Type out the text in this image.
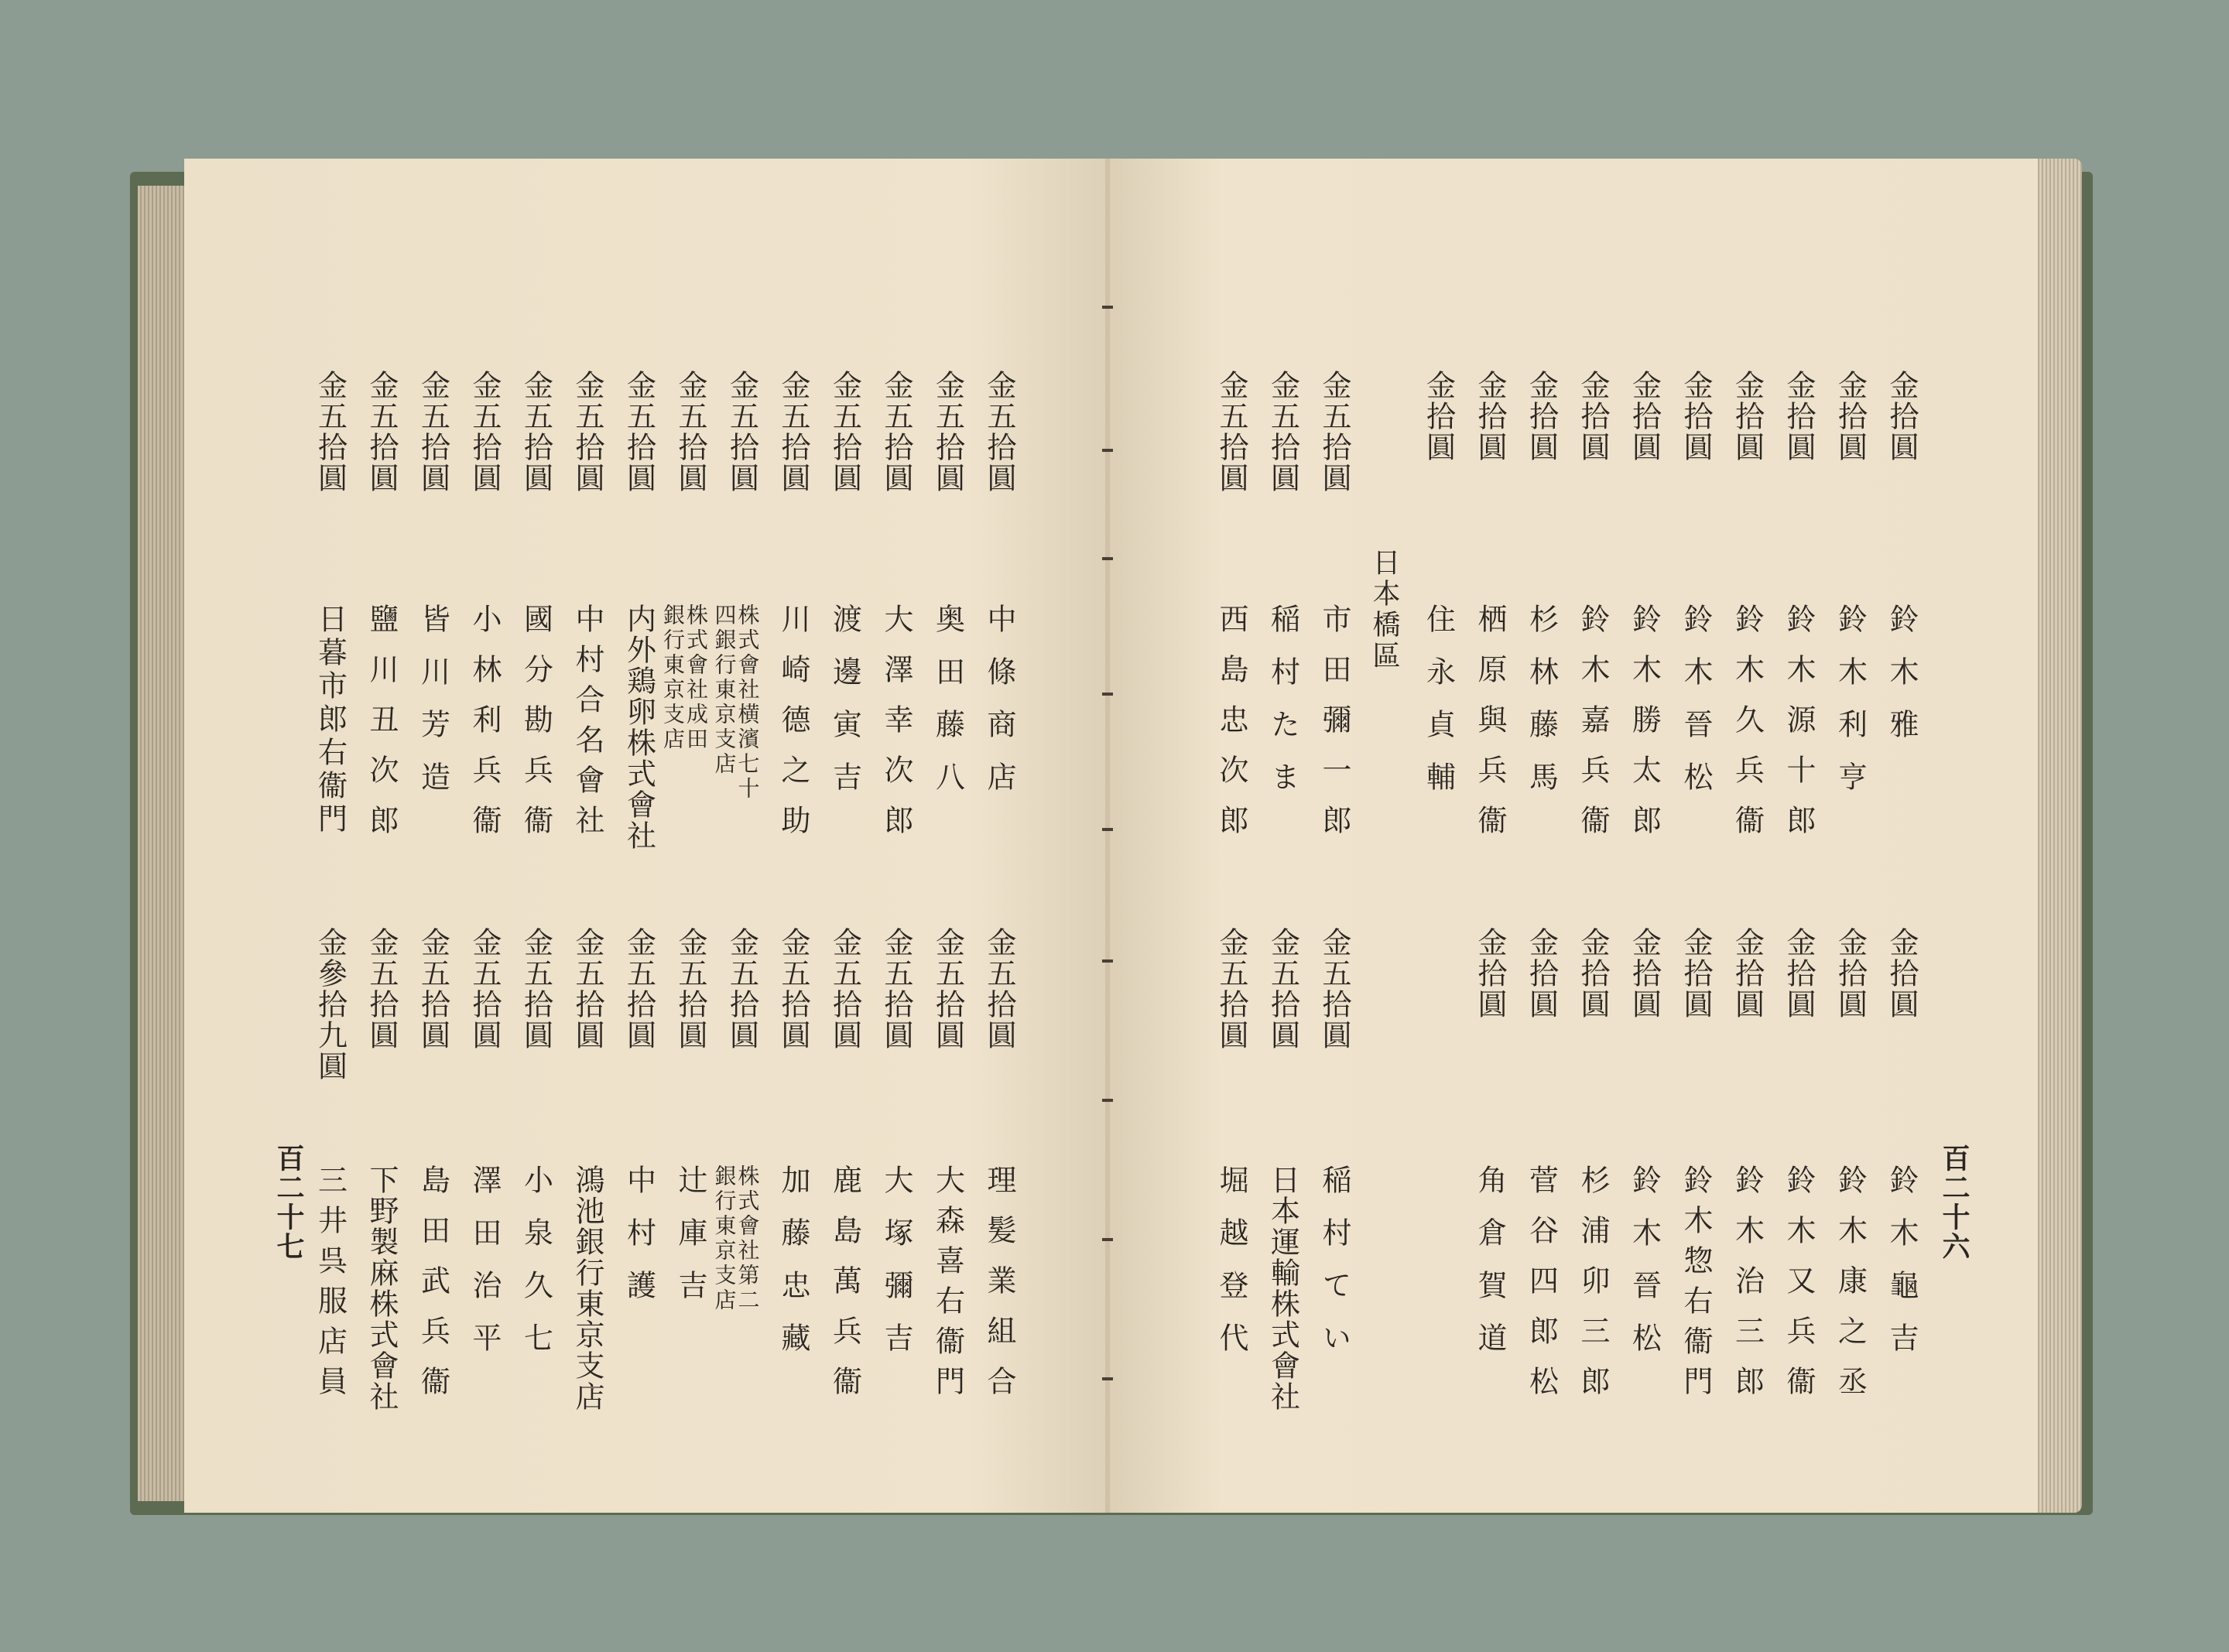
金五拾圓
中條商店
金五拾圓
奥田藤八
金五拾圓
大澤幸次郎
金五拾圓
渡邊寅吉
金五拾圓
川崎德之助
金五拾圓
株式會社横濱七十
四銀行東京支店
金五拾圓
株式會社成田
銀行東京支店
金五拾圓
内外鶏卵株式會社
金五拾圓
中村合名會社
金五拾圓
國分勘兵衞
金五拾圓
小林利兵衞
金五拾圓
皆川芳造
金五拾圓
鹽川丑次郎
金五拾圓
日暮市郎右衞門
金五拾圓
理髪業組合
金五拾圓
大森喜右衞門
金五拾圓
大塚彌吉
金五拾圓
鹿島萬兵衞
金五拾圓
加藤忠藏
金五拾圓
株式會社第二
銀行東京支店
金五拾圓
辻庫吉
金五拾圓
中村護
金五拾圓
鴻池銀行東京支店
金五拾圓
小泉久七
金五拾圓
澤田治平
金五拾圓
島田武兵衞
金五拾圓
下野製麻株式會社
金參拾九圓
三井呉服店員
金拾圓
鈴木雅
金拾圓
鈴木利亨
金拾圓
鈴木源十郎
金拾圓
鈴木久兵衞
金拾圓
鈴木晉松
金拾圓
鈴木勝太郎
金拾圓
鈴木嘉兵衞
金拾圓
杉林藤馬
金拾圓
栖原與兵衞
金拾圓
住永貞輔
金五拾圓
市田彌一郎
金五拾圓
稲村たま
金五拾圓
西島忠次郎
金拾圓
鈴木龜吉
金拾圓
鈴木康之丞
金拾圓
鈴木又兵衞
金拾圓
鈴木治三郎
金拾圓
鈴木惣右衞門
金拾圓
鈴木晉松
金拾圓
杉浦卯三郎
金拾圓
菅谷四郎松
金拾圓
角倉賀道
金五拾圓
稲村てい
金五拾圓
日本運輸株式會社
金五拾圓
堀越登代
日本橋區
百二十七	百二十六
